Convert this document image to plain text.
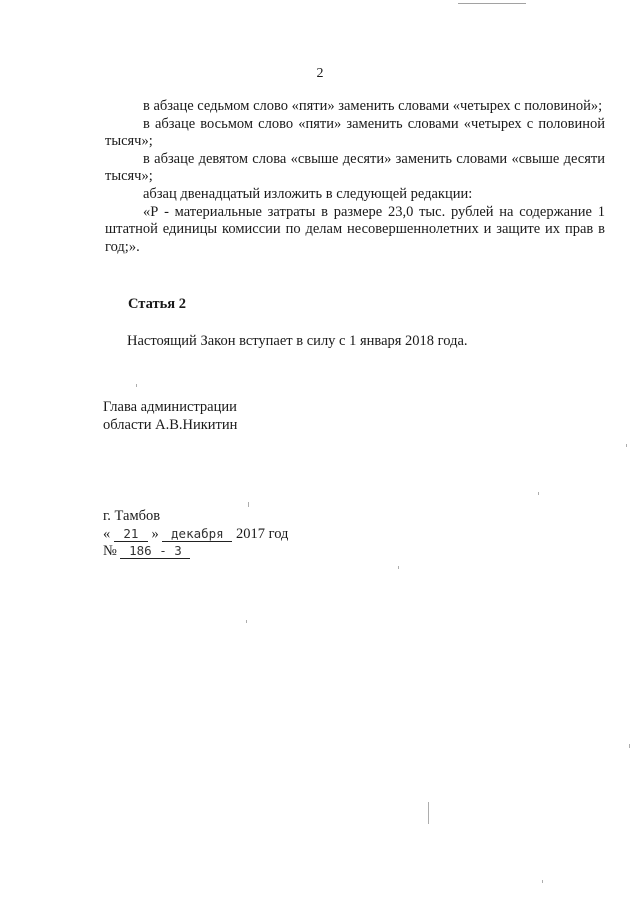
2

в абзаце седьмом слово «пяти» заменить словами «четырех с половиной»;

в абзаце восьмом слово «пяти» заменить словами «четырех с половиной тысяч»;

в абзаце девятом слова «свыше десяти» заменить словами «свыше десяти тысяч»;

абзац двенадцатый изложить в следующей редакции:

«Р - материальные затраты в размере 23,0 тыс. рублей на содержание 1 штатной единицы комиссии по делам несовершеннолетних и защите их прав в год;».

Статья 2
Настоящий Закон вступает в силу с 1 января 2018 года.
Глава администрации
области А.В.Никитин
г. Тамбов
« 21 » декабря 2017 год
№ 186 - 3
